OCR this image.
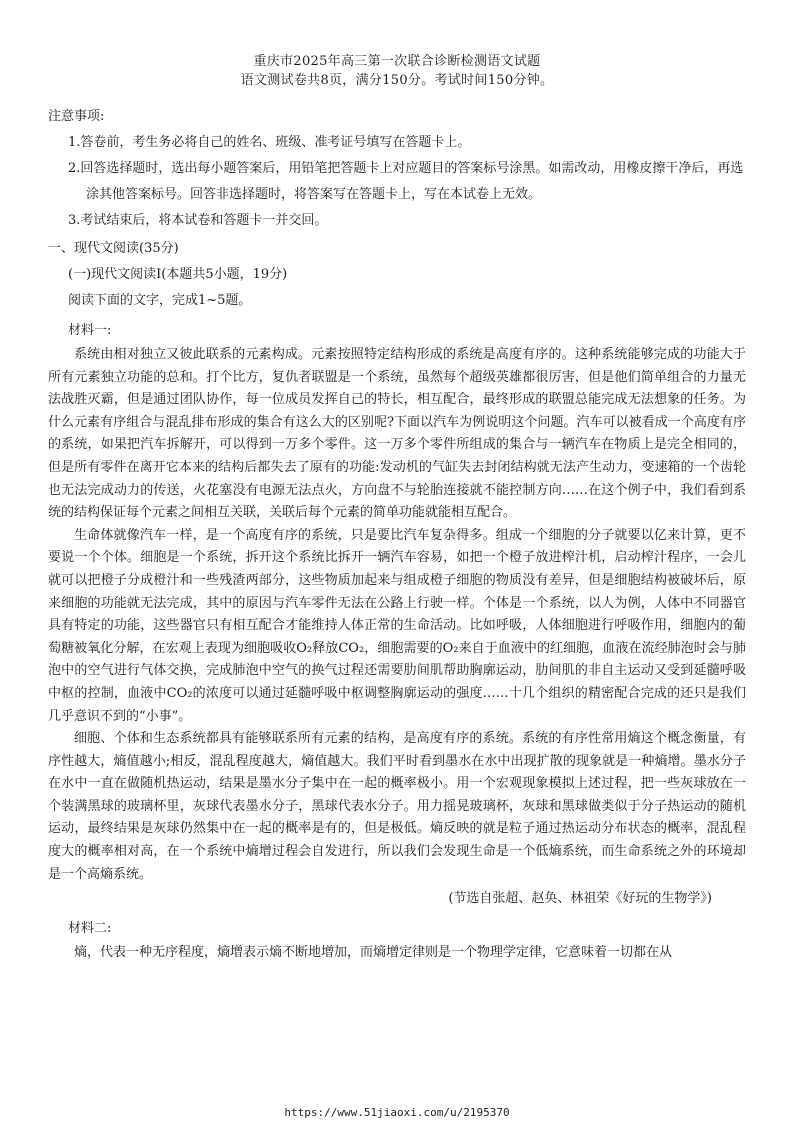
重庆市2025年高三第一次联合诊断检测语文试题
语文测试卷共8页，满分150分。考试时间150分钟。
注意事项:

1.答卷前，考生务必将自己的姓名、班级、准考证号填写在答题卡上。

2.回答选择题时，选出每小题答案后，用铅笔把答题卡上对应题目的答案标号涂黑。如需改动，用橡皮擦干净后，再选涂其他答案标号。回答非选择题时，将答案写在答题卡上，写在本试卷上无效。

3.考试结束后，将本试卷和答题卡一并交回。

一、现代文阅读(35分)
(一)现代文阅读Ⅰ(本题共5小题，19分)
阅读下面的文字，完成1~5题。
材料一:

系统由相对独立又彼此联系的元素构成。元素按照特定结构形成的系统是高度有序的。这种系统能够完成的功能大于所有元素独立功能的总和。打个比方，复仇者联盟是一个系统，虽然每个超级英雄都很厉害，但是他们简单组合的力量无法战胜灭霸，但是通过团队协作，每一位成员发挥自己的特长，相互配合，最终形成的联盟总能完成无法想象的任务。为什么元素有序组合与混乱排布形成的集合有这么大的区别呢?下面以汽车为例说明这个问题。汽车可以被看成一个高度有序的系统，如果把汽车拆解开，可以得到一万多个零件。这一万多个零件所组成的集合与一辆汽车在物质上是完全相同的，但是所有零件在离开它本来的结构后都失去了原有的功能:发动机的气缸失去封闭结构就无法产生动力，变速箱的一个齿轮也无法完成动力的传送，火花塞没有电源无法点火，方向盘不与轮胎连接就不能控制方向……在这个例子中，我们看到系统的结构保证每个元素之间相互关联，关联后每个元素的简单功能就能相互配合。

生命体就像汽车一样，是一个高度有序的系统，只是要比汽车复杂得多。组成一个细胞的分子就要以亿来计算，更不要说一个个体。细胞是一个系统，拆开这个系统比拆开一辆汽车容易，如把一个橙子放进榨汁机，启动榨汁程序，一会儿就可以把橙子分成橙汁和一些残渣两部分，这些物质加起来与组成橙子细胞的物质没有差异，但是细胞结构被破坏后，原来细胞的功能就无法完成，其中的原因与汽车零件无法在公路上行驶一样。个体是一个系统，以人为例，人体中不同器官具有特定的功能，这些器官只有相互配合才能维持人体正常的生命活动。比如呼吸，人体细胞进行呼吸作用，细胞内的葡萄糖被氧化分解，在宏观上表现为细胞吸收O₂释放CO₂，细胞需要的O₂来自于血液中的红细胞，血液在流经肺泡时会与肺泡中的空气进行气体交换，完成肺泡中空气的换气过程还需要肋间肌帮助胸廓运动，肋间肌的非自主运动又受到延髓呼吸中枢的控制，血液中CO₂的浓度可以通过延髓呼吸中枢调整胸廓运动的强度……十几个组织的精密配合完成的还只是我们几乎意识不到的“小事”。

细胞、个体和生态系统都具有能够联系所有元素的结构，是高度有序的系统。系统的有序性常用熵这个概念衡量，有序性越大，熵值越小;相反，混乱程度越大，熵值越大。我们平时看到墨水在水中出现扩散的现象就是一种熵增。墨水分子在水中一直在做随机热运动，结果是墨水分子集中在一起的概率极小。用一个宏观现象模拟上述过程，把一些灰球放在一个装满黑球的玻璃杯里，灰球代表墨水分子，黑球代表水分子。用力摇晃玻璃杯，灰球和黑球做类似于分子热运动的随机运动，最终结果是灰球仍然集中在一起的概率是有的，但是极低。熵反映的就是粒子通过热运动分布状态的概率，混乱程度大的概率相对高，在一个系统中熵增过程会自发进行，所以我们会发现生命是一个低熵系统，而生命系统之外的环境却是一个高熵系统。

(节选自张超、赵奂、林祖荣《好玩的生物学》)
材料二:

熵，代表一种无序程度，熵增表示熵不断地增加，而熵增定律则是一个物理学定律，它意味着一切都在从

https://www.51jiaoxi.com/u/2195370
